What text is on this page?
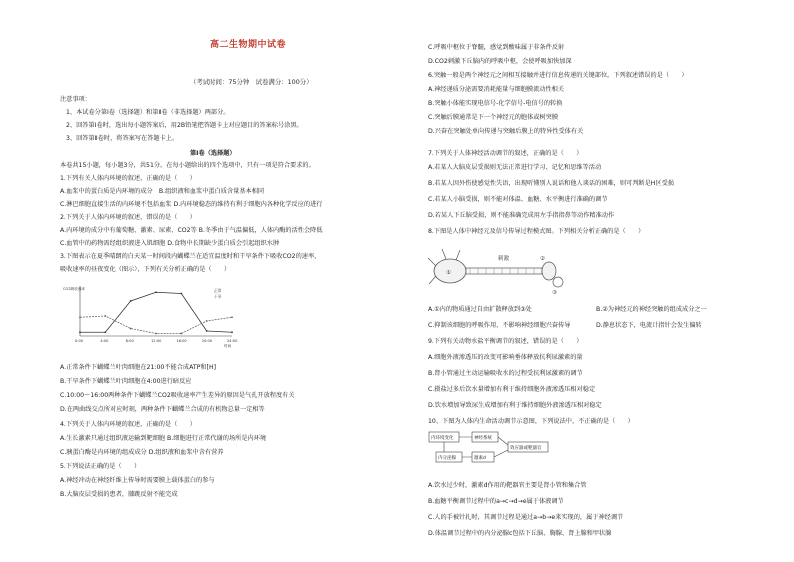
高二生物期中试卷
（考试时间：75分钟　试卷满分：100分）
注意事项：
1、本试卷分第Ⅰ卷（选择题）和第Ⅱ卷（非选择题）两部分。
2、回答第Ⅰ卷时，选出每小题答案后，用2B铅笔把答题卡上对应题目的答案标号涂黑。
3、回答第Ⅱ卷时，将答案写在答题卡上。
第Ⅰ卷（选择题）
本卷共15小题，每小题3分，共51分。在每小题给出的四个选项中，只有一项是符合要求的。
1.下列有关人体内环境的叙述，正确的是（　　）
A.血浆中的蛋白质是内环境的成分　B.组织液和血浆中蛋白质含量基本相同
C.淋巴细胞直接生活的内环境不包括血浆 D.内环境稳态的维持有利于细胞内各种化学反应的进行
2.下列关于人体内环境的叙述，错误的是（　　）
A.内环境的成分中有葡萄糖、激素、尿素、CO2等 B.冬季由于气温偏低，人体内酶的活性会降低
C.血管中的药物需经组织液进入肌细胞 D.食物中长期缺少蛋白质会引起组织水肿
3.下图表示在夏季晴朗的白天某一时间段内蝴蝶兰在适宜温度时和干旱条件下吸收CO2的速率，
吸收速率的昼夜变化（图示），下列有关分析正确的是（　　）
0:00	4:00	8:00	12:00	16:00	20:00	24:00
CO2吸收速率
时间
正常
干旱
A.正常条件下蝴蝶兰叶肉细胞在21:00不能合成ATP和[H]
B.干旱条件下蝴蝶兰叶肉细胞在4:00进行暗反应
C.10:00～16:00两种条件下蝴蝶兰CO2吸收速率产生差异的原因是气孔开放程度有关
D.在两曲线交点所对应时刻，两种条件下蝴蝶兰合成的有机物总量一定相等
4.下列关于人体内环境的叙述，正确的是（　　）
A.生长激素只通过组织液运输到靶细胞 B.细胞进行正常代谢的场所是内环境
C.胰蛋白酶是内环境的组成成分 D.组织液和血浆中含有营养
5.下列说法正确的是（　　）
A.神经冲动在神经纤维上传导时需要膜上载体蛋白的参与
B.大脑皮层受损的患者，膝跳反射不能完成
C.呼吸中枢位于脊髓，感觉到酸味属于非条件反射
D.CO2刺激下丘脑内的呼吸中枢，会使呼吸加快加深
6.突触一般是两个神经元之间相互接触并进行信息传递的关键部位。下列叙述错误的是（　　）
A.神经递质分泌需要消耗能量与细胞膜流动性相关
B.突触小体能实现电信号-化学信号-电信号的转换
C.突触后膜通常是下一个神经元的胞体或树突膜
D.兴奋在突触处单向传递与突触后膜上的特异性受体有关
7.下列关于人体神经活动调节的叙述，正确的是（　　）
A.若某人大脑皮层受损则无法正常进行学习、记忆和思维等活动
B.若某人因外伤使感觉性失语，出现听懂别人说话和他人谈话的困难，则可判断是H区受损
C.若某人小脑受损，则不能对体温、血糖、水平衡进行准确的调节
D.若某人下丘脑受损，则不能准确完成用左手指指鼻等动作精准动作
8.下图是人体中神经元及信号传导过程模式图。下列相关分析正确的是（　　）
刺激
①
②
③
A.①内的物质通过自由扩散释放到③处	B.②为神经元的神经突触的组成成分之一
C.抑制该细胞的呼吸作用，不影响神经细胞兴奋传导	D.静息状态下，电流计指针会发生偏转
9.下列有关动物水盐平衡调节的叙述，错误的是（　　）
A.细胞外液渗透压的改变可影响垂体释放抗利尿激素的量
B.肾小管通过主动运输吸收水的过程受抗利尿激素的调节
C.摄盐过多后饮水量增加有利于维持细胞外液渗透压相对稳定
D.饮水增加导致尿生成增加有利于维持细胞外液渗透压相对稳定
10、下图为人体内生命活动调节示意图，下列说法中，不正确的是（　　）
内环境变化	神经系统
内分泌腺	激素d
效应器或靶器官
A.饮水过少时，激素d作用的靶器官主要是肾小管和集合管
B.血糖平衡调节过程中的a→c→d→e属于体液调节
C.人的手被针扎时，其调节过程是通过a→b→e来实现的，属于神经调节
D.体温调节过程中的内分泌腺c包括下丘脑、胸腺、肾上腺和甲状腺
